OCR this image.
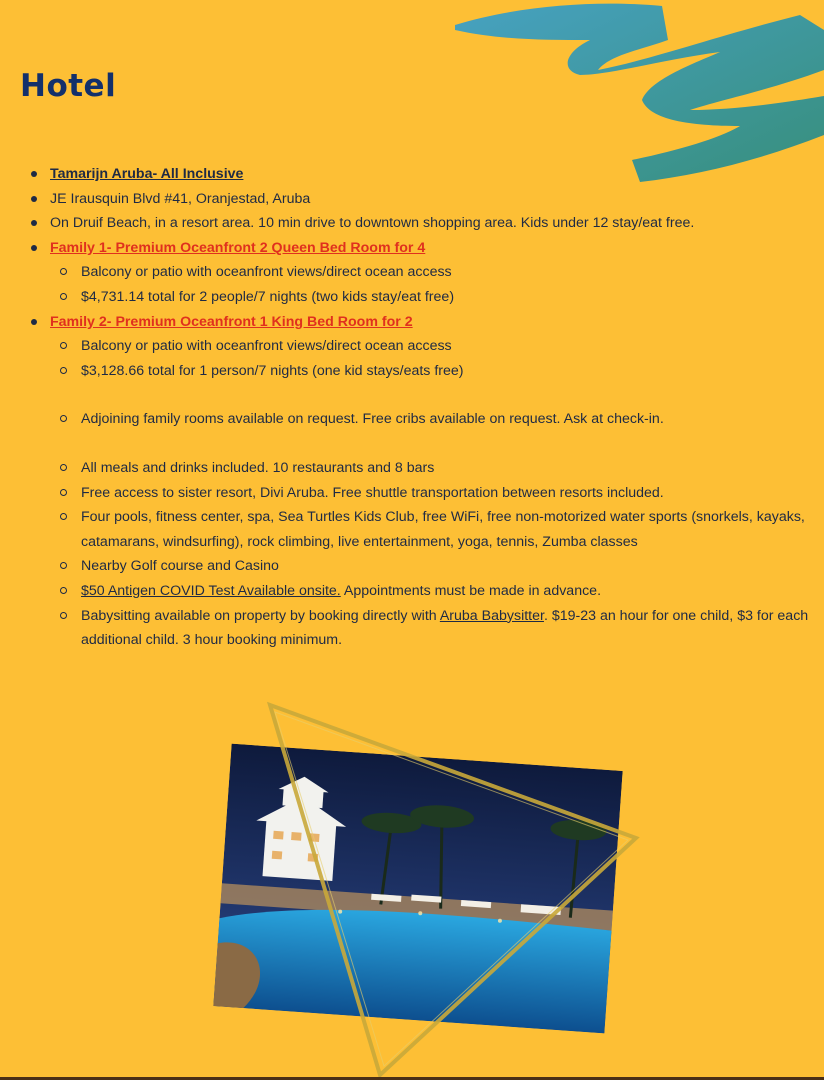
Hotel
Tamarijn Aruba- All Inclusive
JE Irausquin Blvd #41, Oranjestad, Aruba
On Druif Beach, in a resort area. 10 min drive to downtown shopping area. Kids under 12 stay/eat free.
Family 1- Premium Oceanfront 2 Queen Bed Room for 4
Balcony or patio with oceanfront views/direct ocean access
$4,731.14 total for 2 people/7 nights (two kids stay/eat free)
Family 2- Premium Oceanfront 1 King Bed Room for 2
Balcony or patio with oceanfront views/direct ocean access
$3,128.66 total for 1 person/7 nights (one kid stays/eats free)
Adjoining family rooms available on request. Free cribs available on request. Ask at check-in.
All meals and drinks included. 10 restaurants and 8 bars
Free access to sister resort, Divi Aruba. Free shuttle transportation between resorts included.
Four pools, fitness center, spa, Sea Turtles Kids Club, free WiFi, free non-motorized water sports (snorkels, kayaks, catamarans, windsurfing), rock climbing, live entertainment, yoga, tennis, Zumba classes
Nearby Golf course and Casino
$50 Antigen COVID Test Available onsite. Appointments must be made in advance.
Babysitting available on property by booking directly with Aruba Babysitter. $19-23 an hour for one child, $3 for each additional child. 3 hour booking minimum.
